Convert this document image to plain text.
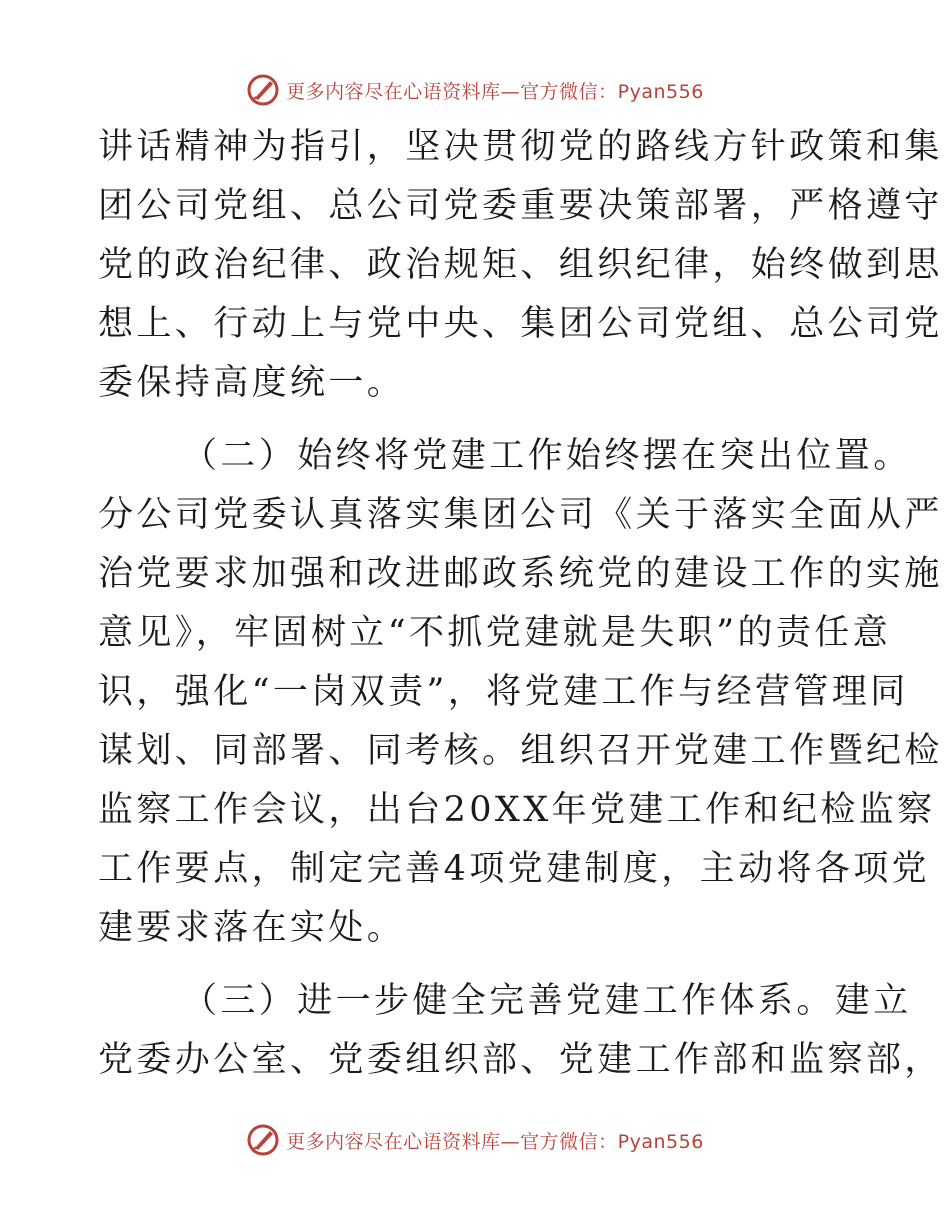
更多内容尽在心语资料库—官方微信：Pyan556
讲话精神为指引，坚决贯彻党的路线方针政策和集
团公司党组、总公司党委重要决策部署，严格遵守
党的政治纪律、政治规矩、组织纪律，始终做到思
想上、行动上与党中央、集团公司党组、总公司党
委保持高度统一。
（二）始终将党建工作始终摆在突出位置。
分公司党委认真落实集团公司《关于落实全面从严
治党要求加强和改进邮政系统党的建设工作的实施
意见》，牢固树立“不抓党建就是失职”的责任意
识，强化“一岗双责”，将党建工作与经营管理同
谋划、同部署、同考核。组织召开党建工作暨纪检
监察工作会议，出台20XX年党建工作和纪检监察
工作要点，制定完善4项党建制度，主动将各项党
建要求落在实处。
（三）进一步健全完善党建工作体系。建立
党委办公室、党委组织部、党建工作部和监察部，
更多内容尽在心语资料库—官方微信：Pyan556
